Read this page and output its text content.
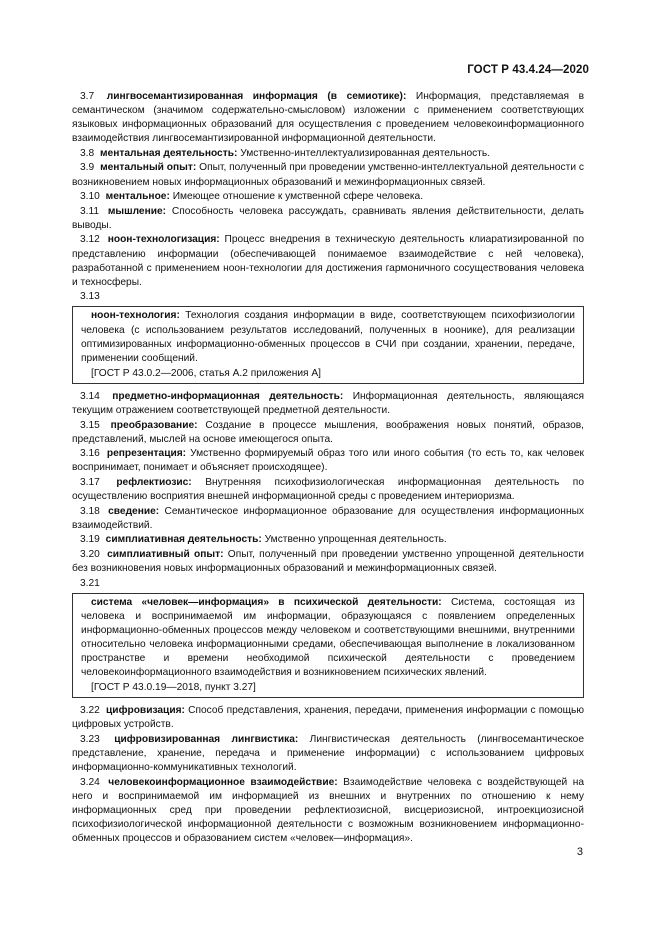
ГОСТ Р 43.4.24—2020

3.7 лингвосемантизированная информация (в семиотике): Информация, представляемая в семантическом (значимом содержательно-смысловом) изложении с применением соответствующих языковых информационных образований для осуществления с проведением человекоинформационного взаимодействия лингвосемантизированной информационной деятельности.

3.8 ментальная деятельность: Умственно-интеллектуализированная деятельность.

3.9 ментальный опыт: Опыт, полученный при проведении умственно-интеллектуальной деятельности с возникновением новых информационных образований и межинформационных связей.

3.10 ментальное: Имеющее отношение к умственной сфере человека.

3.11 мышление: Способность человека рассуждать, сравнивать явления действительности, делать выводы.

3.12 ноон-технологизация: Процесс внедрения в техническую деятельность клиаратизированной по представлению информации (обеспечивающей понимаемое взаимодействие с ней человека), разработанной с применением ноон-технологии для достижения гармоничного сосуществования человека и техносферы.

3.13

ноон-технология: Технология создания информации в виде, соответствующем психофизиологии человека (с использованием результатов исследований, полученных в ноонике), для реализации оптимизированных информационно-обменных процессов в СЧИ при создании, хранении, передаче, применении сообщений.

[ГОСТ Р 43.0.2—2006, статья А.2 приложения А]

3.14 предметно-информационная деятельность: Информационная деятельность, являющаяся текущим отражением соответствующей предметной деятельности.

3.15 преобразование: Создание в процессе мышления, воображения новых понятий, образов, представлений, мыслей на основе имеющегося опыта.

3.16 репрезентация: Умственно формируемый образ того или иного события (то есть то, как человек воспринимает, понимает и объясняет происходящее).

3.17 рефлектиозис: Внутренняя психофизиологическая информационная деятельность по осуществлению восприятия внешней информационной среды с проведением интериоризма.

3.18 сведение: Семантическое информационное образование для осуществления информационных взаимодействий.

3.19 симплиативная деятельность: Умственно упрощенная деятельность.

3.20 симплиативный опыт: Опыт, полученный при проведении умственно упрощенной деятельности без возникновения новых информационных образований и межинформационных связей.

3.21

система «человек—информация» в психической деятельности: Система, состоящая из человека и воспринимаемой им информации, образующаяся с появлением определенных информационно-обменных процессов между человеком и соответствующими внешними, внутренними относительно человека информационными средами, обеспечивающая выполнение в локализованном пространстве и времени необходимой психической деятельности с проведением человекоинформационного взаимодействия и возникновением психических явлений.

[ГОСТ Р 43.0.19—2018, пункт 3.27]

3.22 цифровизация: Способ представления, хранения, передачи, применения информации с помощью цифровых устройств.

3.23 цифровизированная лингвистика: Лингвистическая деятельность (лингвосемантическое представление, хранение, передача и применение информации) с использованием цифровых информационно-коммуникативных технологий.

3.24 человекоинформационное взаимодействие: Взаимодействие человека с воздействующей на него и воспринимаемой им информацией из внешних и внутренних по отношению к нему информационных сред при проведении рефлектиозисной, висцериозисной, интроекциозисной психофизиологической информационной деятельности с возможным возникновением информационно-обменных процессов и образованием систем «человек—информация».

3
